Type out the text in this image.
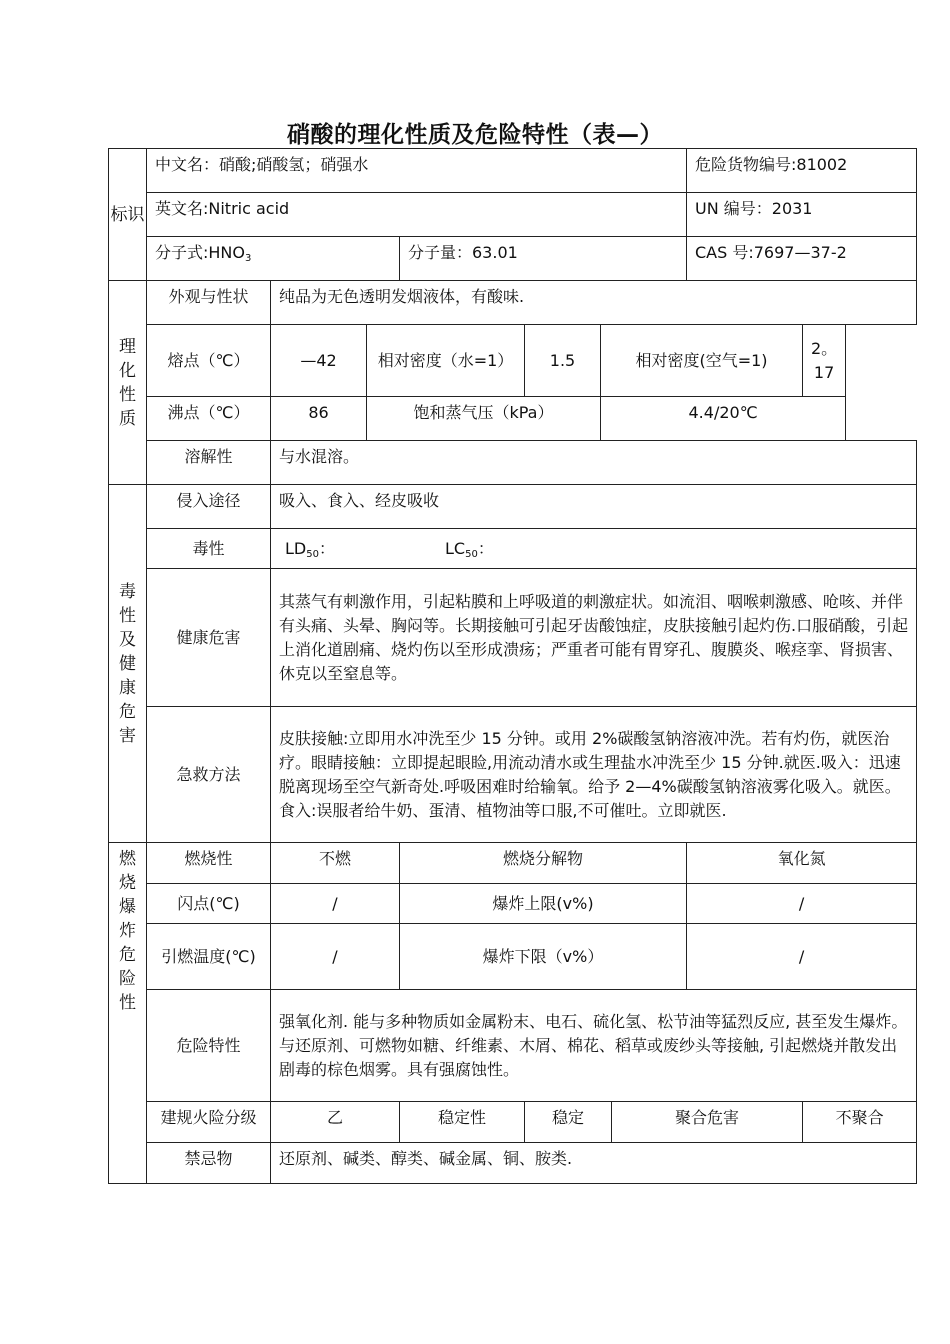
硝酸的理化性质及危险特性（表—）
标识	中文名：硝酸;硝酸氢；硝强水							危险货物编号:81002	
	英文名:Nitric acid							UN 编号：2031	
	分子式$:HNO_3$			分子量：63.01				CAS 号:7697—37-2	

理化性质	外观与性状	纯品为无色透明发烟液体，有酸味.							
	熔点（℃）	—42	相对密度（水=1）		1.5	相对密度(空气=1)			2。17
	沸点（℃）	86	饱和蒸气压（kPa）			4.4/20℃			
	溶解性	与水混溶。							

毒性及健康危害	侵入途径	吸入、食入、经皮吸收							
	毒性	$LD_{50}$： $LC_{50}$：							
	健康危害	其蒸气有刺激作用，引起粘膜和上呼吸道的刺激症状。如流泪、咽喉刺激感、呛咳、并伴有头痛、头晕、胸闷等。长期接触可引起牙齿酸蚀症，皮肤接触引起灼伤.口服硝酸，引起上消化道剧痛、烧灼伤以至形成溃疡；严重者可能有胃穿孔、腹膜炎、喉痉挛、肾损害、休克以至窒息等。							
	急救方法	皮肤接触:立即用水冲洗至少 15 分钟。或用 2%碳酸氢钠溶液冲洗。若有灼伤，就医治疗。眼睛接触：立即提起眼睑,用流动清水或生理盐水冲洗至少 15 分钟.就医.吸入：迅速脱离现场至空气新奇处.呼吸困难时给输氧。给予 2—4%碳酸氢钠溶液雾化吸入。就医。食入:误服者给牛奶、蛋清、植物油等口服,不可催吐。立即就医.							

燃烧爆炸危险性	燃烧性	不燃		燃烧分解物				氧化氮	
	闪点(℃)	/		爆炸上限(v%)				/	
	引燃温度(℃)	/		爆炸下限（v%）				/	
	危险特性	强氧化剂. 能与多种物质如金属粉末、电石、硫化氢、松节油等猛烈反应, 甚至发生爆炸。与还原剂、可燃物如糖、纤维素、木屑、棉花、稻草或废纱头等接触, 引起燃烧并散发出剧毒的棕色烟雾。具有强腐蚀性。							
	建规火险分级	乙		稳定性	稳定		聚合危害		不聚合
	禁忌物	还原剂、碱类、醇类、碱金属、铜、胺类.							
